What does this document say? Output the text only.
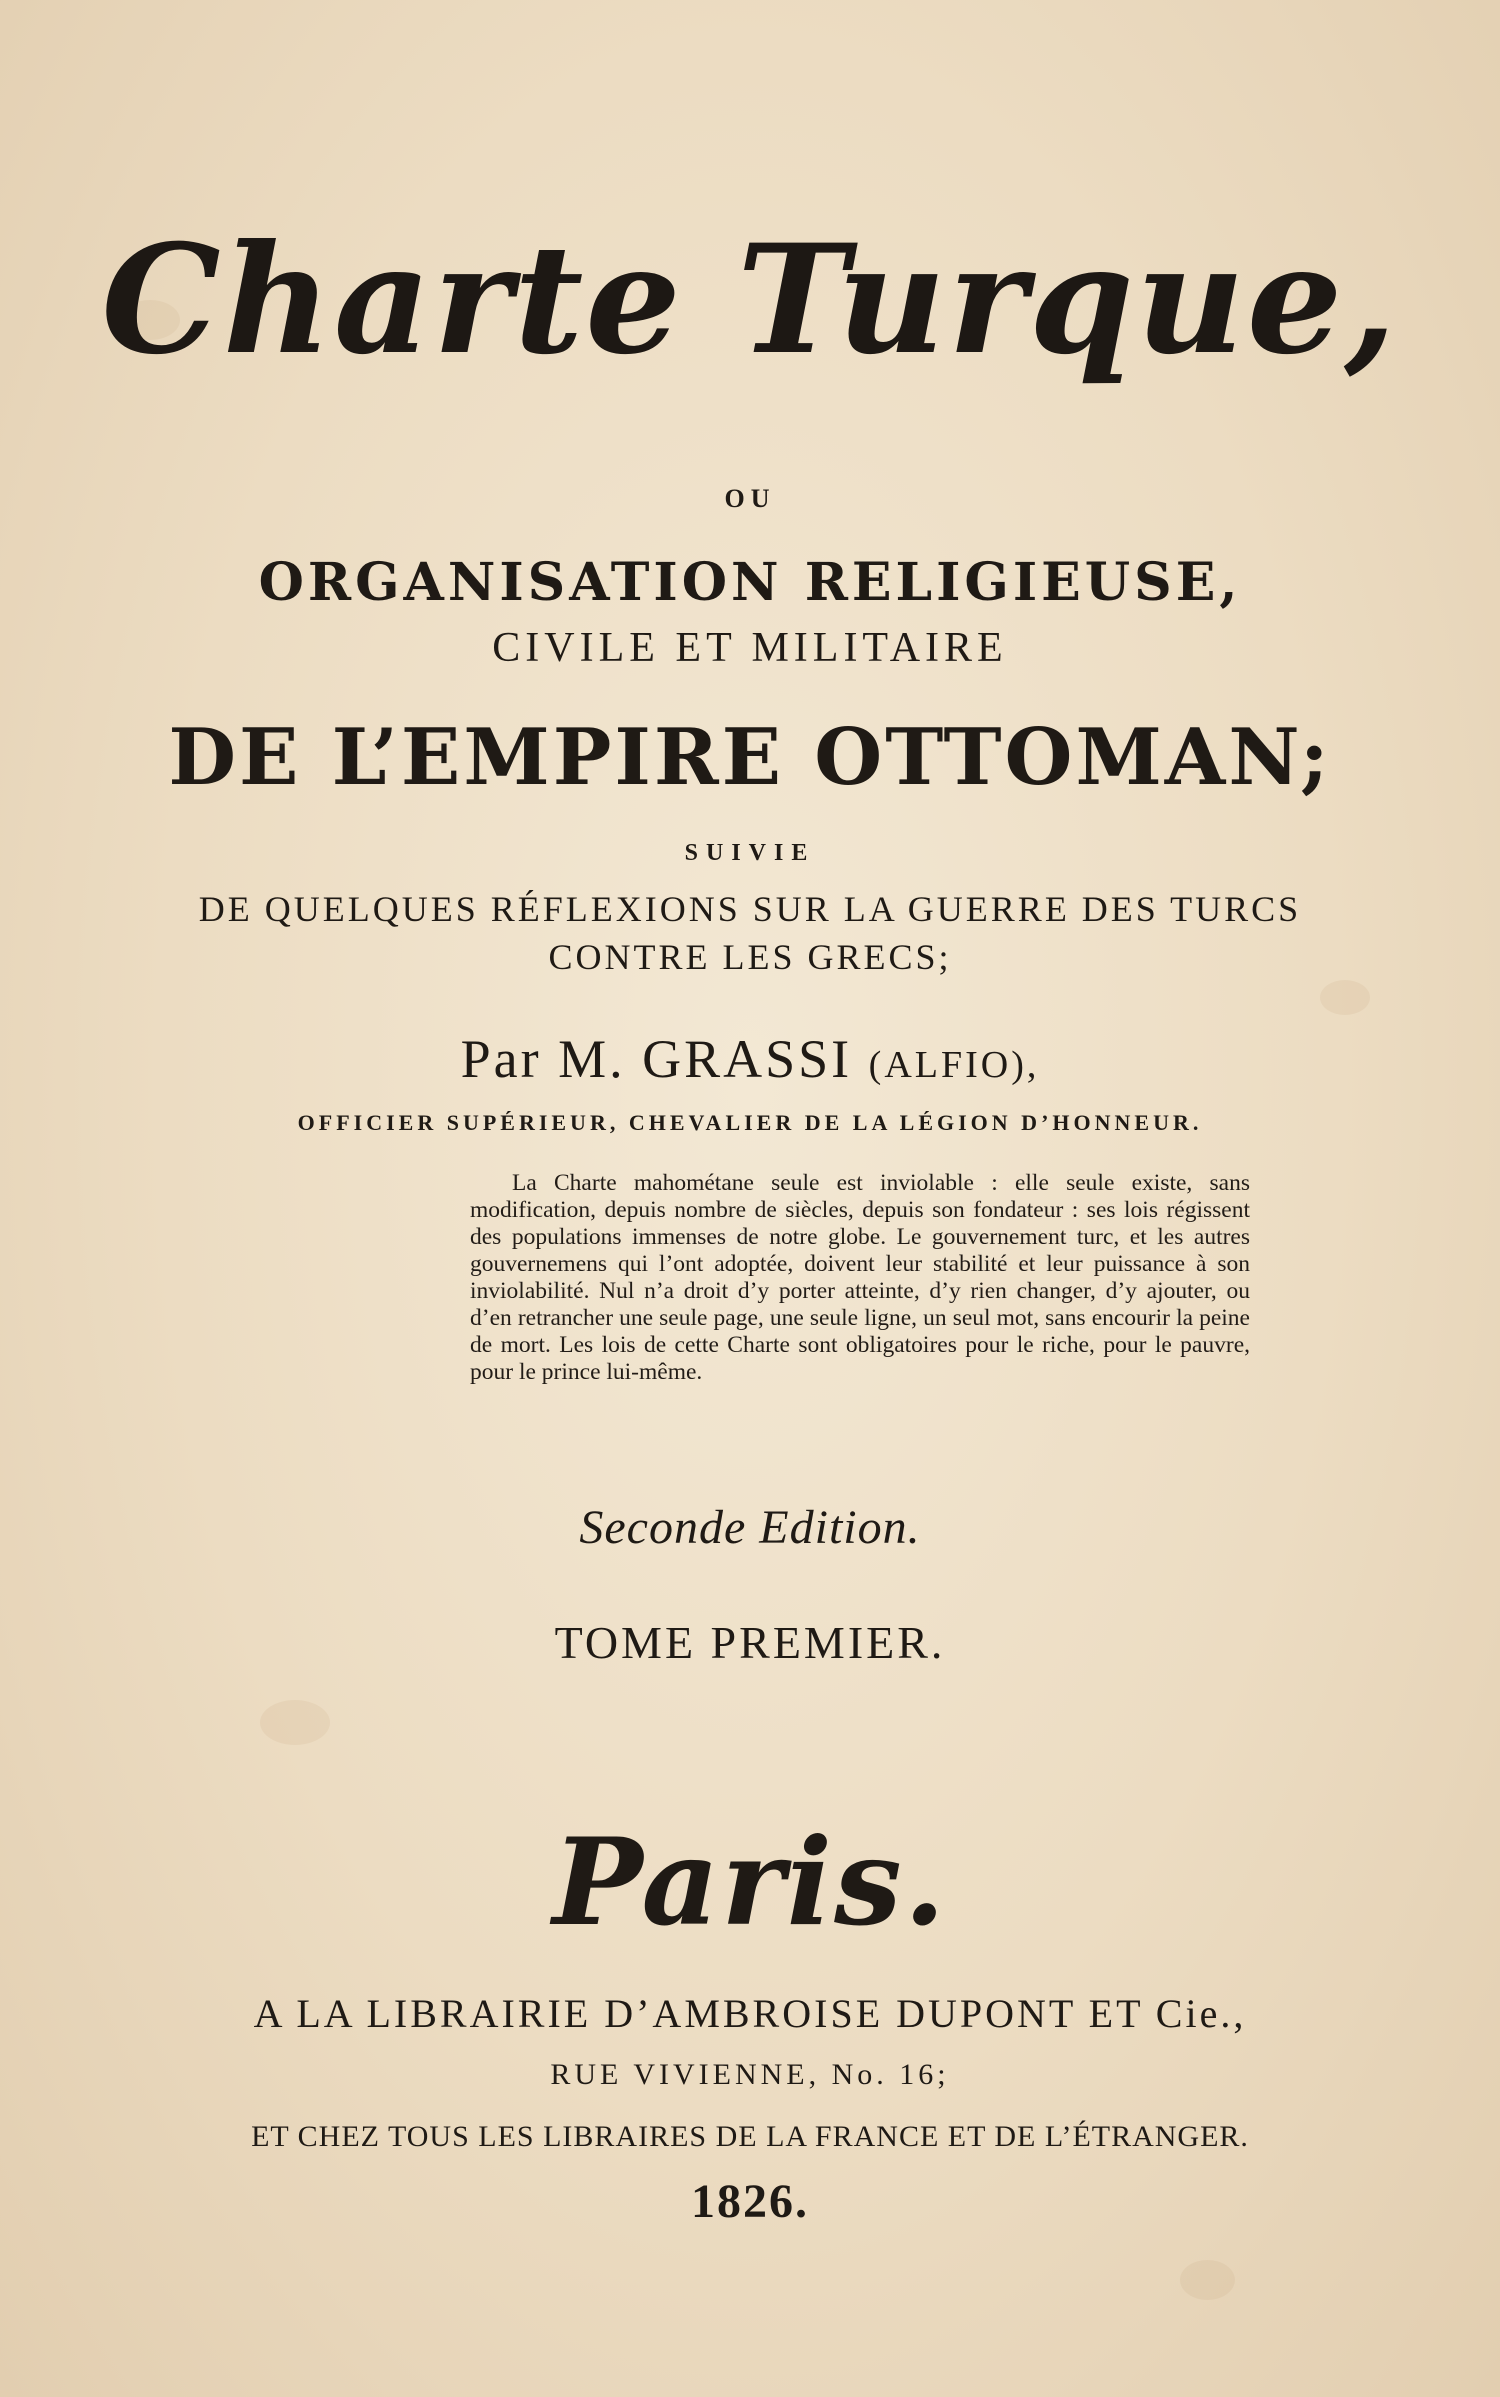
Charte Turque,
OU
ORGANISATION RELIGIEUSE,
CIVILE ET MILITAIRE
DE L’EMPIRE OTTOMAN;
SUIVIE
DE QUELQUES RÉFLEXIONS SUR LA GUERRE DES TURCS
CONTRE LES GRECS;
Par M. GRASSI (ALFIO),
OFFICIER SUPÉRIEUR, CHEVALIER DE LA LÉGION D’HONNEUR.
La Charte mahométane seule est inviolable : elle seule existe, sans modification, depuis nombre de siècles, depuis son fondateur : ses lois régissent des populations immenses de notre globe. Le gouvernement turc, et les autres gouvernemens qui l’ont adoptée, doivent leur stabilité et leur puissance à son inviolabilité. Nul n’a droit d’y porter atteinte, d’y rien changer, d’y ajouter, ou d’en retrancher une seule page, une seule ligne, un seul mot, sans encourir la peine de mort. Les lois de cette Charte sont obligatoires pour le riche, pour le pauvre, pour le prince lui-même.
Seconde Edition.
TOME PREMIER.
Paris.
A LA LIBRAIRIE D’AMBROISE DUPONT ET Cie.,
RUE VIVIENNE, No. 16;
ET CHEZ TOUS LES LIBRAIRES DE LA FRANCE ET DE L’ÉTRANGER.
1826.
